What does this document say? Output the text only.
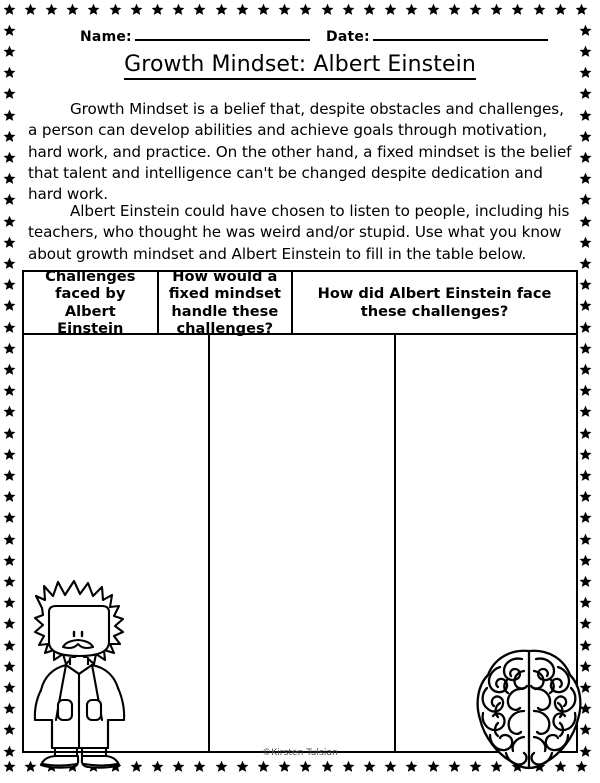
Name:	Date:
Growth Mindset: Albert Einstein

Growth Mindset is a belief that, despite obstacles and challenges, a person can develop abilities and achieve goals through motivation, hard work, and practice. On the other hand, a fixed mindset is the belief that talent and intelligence can't be changed despite dedication and hard work.

Albert Einstein could have chosen to listen to people, including his teachers, who thought he was weird and/or stupid. Use what you know about growth mindset and Albert Einstein to fill in the table below.

Challenges faced by Albert Einstein
How would a fixed mindset handle these challenges?
How did Albert Einstein face these challenges?
©Kirsten Tulsian
